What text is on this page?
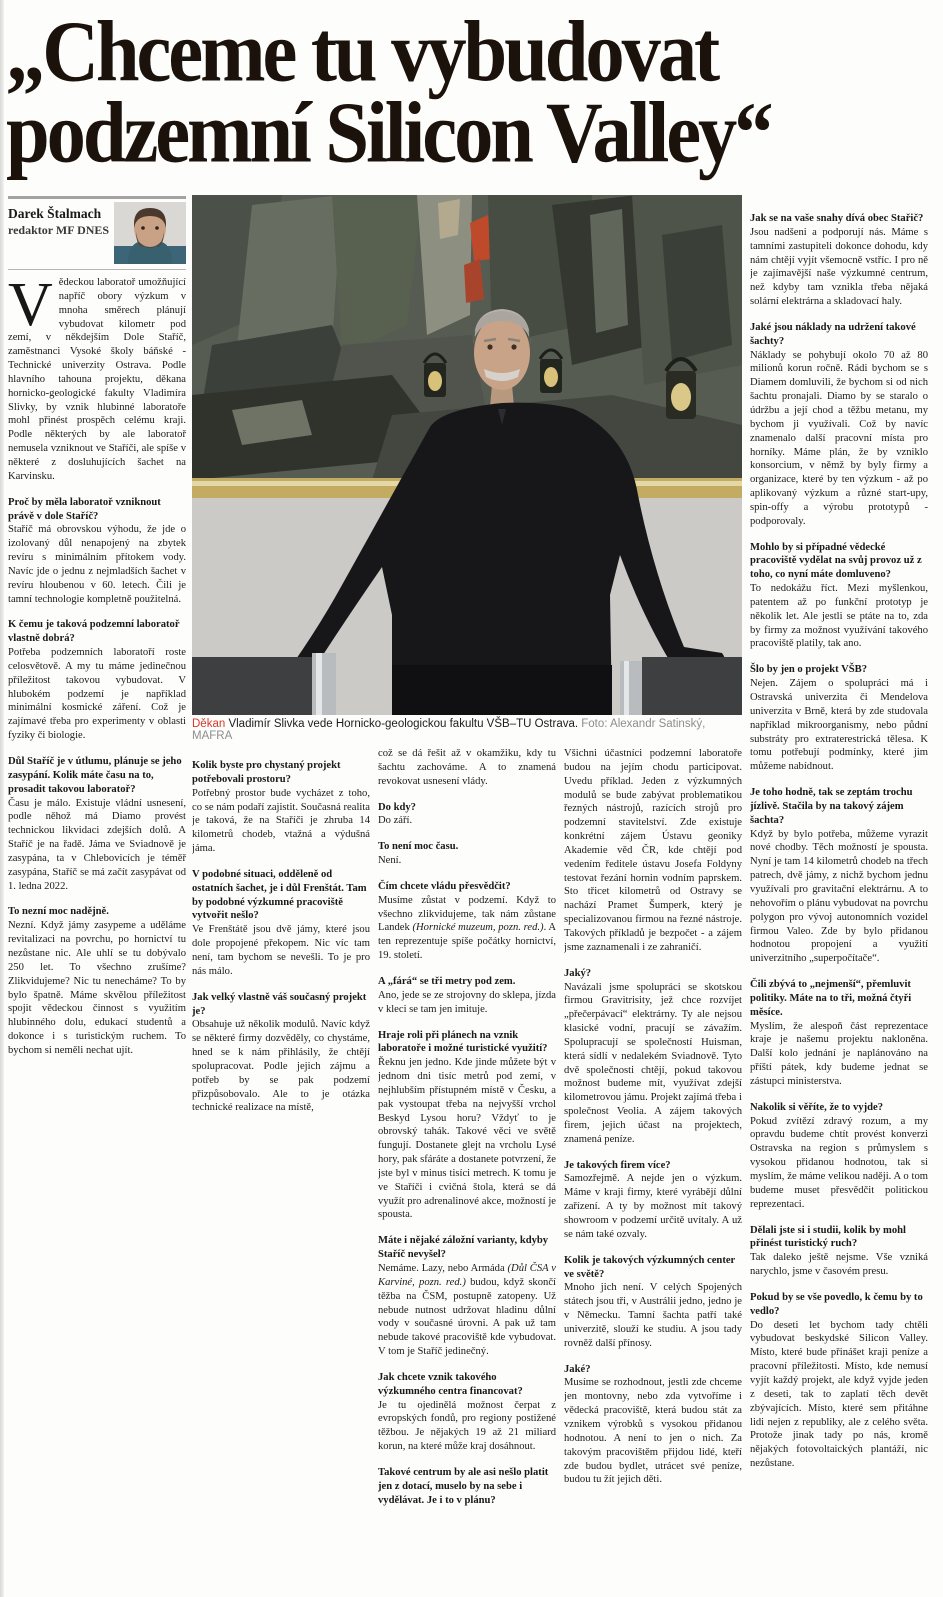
„Chceme tu vybudovat
podzemní Silicon Valley“
Darek Štalmach
redaktor MF DNES
Děkan Vladimír Slivka vede Hornicko-geologickou fakultu VŠB–TU Ostrava. Foto: Alexandr Satinský, MAFRA

Vědeckou laboratoř umožňující napříč obory výzkum v mnoha směrech plánují vybudovat kilometr pod zemí, v někdejším Dole Staříč, zaměstnanci Vysoké školy báňské - Technické univerzity Ostrava. Podle hlavního tahouna projektu, děkana hornicko-geologické fakulty Vladimíra Slivky, by vznik hlubinné laboratoře mohl přinést prospěch celému kraji. Podle některých by ale laboratoř nemusela vzniknout ve Staříči, ale spíše v některé z dosluhujících šachet na Karvinsku.

Proč by měla laboratoř vzniknout právě v dole Staříč?

Staříč má obrovskou výhodu, že jde o izolovaný důl nenapojený na zbytek revíru s minimálním přítokem vody. Navíc jde o jednu z nejmladších šachet v revíru hloubenou v 60. letech. Čili je tamní technologie kompletně použitelná.

K čemu je taková podzemní laboratoř vlastně dobrá?

Potřeba podzemních laboratoří roste celosvětově. A my tu máme jedinečnou příležitost takovou vybudovat. V hlubokém podzemí je například minimální kosmické záření. Což je zajímavé třeba pro experimenty v oblasti fyziky či biologie.

Důl Staříč je v útlumu, plánuje se jeho zasypání. Kolik máte času na to, prosadit takovou laboratoř?

Času je málo. Existuje vládní usnesení, podle něhož má Diamo provést technickou likvidaci zdejších dolů. A Staříč je na řadě. Jáma ve Sviadnově je zasypána, ta v Chlebovicích je téměř zasypána, Staříč se má začít zasypávat od 1. ledna 2022.

To nezní moc nadějně.

Nezní. Když jámy zasypeme a uděláme revitalizaci na povrchu, po hornictví tu nezůstane nic. Ale uhlí se tu dobývalo 250 let. To všechno zrušíme? Zlikvidujeme? Nic tu nenecháme? To by bylo špatně. Máme skvělou příležitost spojit vědeckou činnost s využitím hlubinného dolu, edukací studentů a dokonce i s turistickým ruchem. To bychom si neměli nechat ujít.

Kolik byste pro chystaný projekt potřebovali prostoru?

Potřebný prostor bude vycházet z toho, co se nám podaří zajistit. Současná realita je taková, že na Staříči je zhruba 14 kilometrů chodeb, vtažná a výdušná jáma.

V podobné situaci, odděleně od ostatních šachet, je i důl Frenštát. Tam by podobné výzkumné pracoviště vytvořit nešlo?

Ve Frenštátě jsou dvě jámy, které jsou dole propojené překopem. Nic víc tam není, tam bychom se nevešli. To je pro nás málo.

Jak velký vlastně váš současný projekt je?

Obsahuje už několik modulů. Navíc když se některé firmy dozvěděly, co chystáme, hned se k nám přihlásily, že chtějí spolupracovat. Podle jejich zájmu a potřeb by se pak podzemí přizpůsobovalo. Ale to je otázka technické realizace na místě,

což se dá řešit až v okamžiku, kdy tu šachtu zachováme. A to znamená revokovat usnesení vlády.

Do kdy?

Do září.

To není moc času.

Není.

Čím chcete vládu přesvědčit?

Musíme zůstat v podzemí. Když to všechno zlikvidujeme, tak nám zůstane Landek (Hornické muzeum, pozn. red.). A ten reprezentuje spíše počátky hornictví, 19. století.

A „fárá“ se tři metry pod zem.

Ano, jede se ze strojovny do sklepa, jízda v kleci se tam jen imituje.

Hraje roli při plánech na vznik laboratoře i možné turistické využití?

Řeknu jen jedno. Kde jinde můžete být v jednom dni tisíc metrů pod zemí, v nejhlubším přístupném místě v Česku, a pak vystoupat třeba na nejvyšší vrchol Beskyd Lysou horu? Vždyť to je obrovský tahák. Takové věci ve světě fungují. Dostanete glejt na vrcholu Lysé hory, pak sfáráte a dostanete potvrzení, že jste byl v minus tisíci metrech. K tomu je ve Staříči i cvičná štola, která se dá využít pro adrenalinové akce, možností je spousta.

Máte i nějaké záložní varianty, kdyby Staříč nevyšel?

Nemáme. Lazy, nebo Armáda (Důl ČSA v Karviné, pozn. red.) budou, když skončí těžba na ČSM, postupně zatopeny. Už nebude nutnost udržovat hladinu důlní vody v současné úrovni. A pak už tam nebude takové pracoviště kde vybudovat. V tom je Staříč jedinečný.

Jak chcete vznik takového výzkumného centra financovat?

Je tu ojedinělá možnost čerpat z evropských fondů, pro regiony postižené těžbou. Je nějakých 19 až 21 miliard korun, na které může kraj dosáhnout.

Takové centrum by ale asi nešlo platit jen z dotací, muselo by na sebe i vydělávat. Je i to v plánu?

Všichni účastníci podzemní laboratoře budou na jejím chodu participovat. Uvedu příklad. Jeden z výzkumných modulů se bude zabývat problematikou řezných nástrojů, razících strojů pro podzemní stavitelství. Zde existuje konkrétní zájem Ústavu geoniky Akademie věd ČR, kde chtějí pod vedením ředitele ústavu Josefa Foldyny testovat řezání hornin vodním paprskem. Sto třicet kilometrů od Ostravy se nachází Pramet Šumperk, který je specializovanou firmou na řezné nástroje. Takových příkladů je bezpočet - a zájem jsme zaznamenali i ze zahraničí.

Jaký?

Navázali jsme spolupráci se skotskou firmou Gravitrisity, jež chce rozvíjet „přečerpávací“ elektrárny. Ty ale nejsou klasické vodní, pracují se závažím. Spolupracují se společností Huisman, která sídlí v nedalekém Sviadnově. Tyto dvě společnosti chtějí, pokud takovou možnost budeme mít, využívat zdejší kilometrovou jámu. Projekt zajímá třeba i společnost Veolia. A zájem takových firem, jejich účast na projektech, znamená peníze.

Je takových firem více?

Samozřejmě. A nejde jen o výzkum. Máme v kraji firmy, které vyrábějí důlní zařízení. A ty by možnost mít takový showroom v podzemí určitě uvítaly. A už se nám také ozvaly.

Kolik je takových výzkumných center ve světě?

Mnoho jich není. V celých Spojených státech jsou tři, v Austrálii jedno, jedno je v Německu. Tamní šachta patří také univerzitě, slouží ke studiu. A jsou tady rovněž další přínosy.

Jaké?

Musíme se rozhodnout, jestli zde chceme jen montovny, nebo zda vytvoříme i vědecká pracoviště, která budou stát za vznikem výrobků s vysokou přidanou hodnotou. A není to jen o nich. Za takovým pracovištěm přijdou lidé, kteří zde budou bydlet, utrácet své peníze, budou tu žít jejich děti.

Jak se na vaše snahy dívá obec Stařič?

Jsou nadšeni a podporují nás. Máme s tamními zastupiteli dokonce dohodu, kdy nám chtějí vyjít všemocně vstříc. I pro ně je zajímavější naše výzkumné centrum, než kdyby tam vznikla třeba nějaká solární elektrárna a skladovací haly.

Jaké jsou náklady na udržení takové šachty?

Náklady se pohybují okolo 70 až 80 milionů korun ročně. Rádi bychom se s Diamem domluvili, že bychom si od nich šachtu pronajali. Diamo by se staralo o údržbu a její chod a těžbu metanu, my bychom ji využívali. Což by navíc znamenalo další pracovní místa pro horníky. Máme plán, že by vzniklo konsorcium, v němž by byly firmy a organizace, které by ten výzkum - až po aplikovaný výzkum a různé start-upy, spin-offy a výrobu prototypů - podporovaly.

Mohlo by si případné vědecké pracoviště vydělat na svůj provoz už z toho, co nyní máte domluveno?

To nedokážu říct. Mezi myšlenkou, patentem až po funkční prototyp je několik let. Ale jestli se ptáte na to, zda by firmy za možnost využívání takového pracoviště platily, tak ano.

Šlo by jen o projekt VŠB?

Nejen. Zájem o spolupráci má i Ostravská univerzita či Mendelova univerzita v Brně, která by zde studovala například mikroorganismy, nebo půdní substráty pro extraterestrická tělesa. K tomu potřebují podmínky, které jim můžeme nabídnout.

Je toho hodně, tak se zeptám trochu jízlivě. Stačila by na takový zájem šachta?

Když by bylo potřeba, můžeme vyrazit nové chodby. Těch možností je spousta. Nyní je tam 14 kilometrů chodeb na třech patrech, dvě jámy, z nichž bychom jednu využívali pro gravitační elektrárnu. A to nehovořím o plánu vybudovat na povrchu polygon pro vývoj autonomních vozidel firmou Valeo. Zde by bylo přidanou hodnotou propojení a využití univerzitního „superpočítače“.

Čili zbývá to „nejmenší“, přemluvit politiky. Máte na to tři, možná čtyři měsíce.

Myslím, že alespoň část reprezentace kraje je našemu projektu nakloněna. Další kolo jednání je naplánováno na příští pátek, kdy budeme jednat se zástupci ministerstva.

Nakolik si věříte, že to vyjde?

Pokud zvítězí zdravý rozum, a my opravdu budeme chtít provést konverzi Ostravska na region s průmyslem s vysokou přidanou hodnotou, tak si myslím, že máme velikou naději. A o tom budeme muset přesvědčit politickou reprezentaci.

Dělali jste si i studii, kolik by mohl přinést turistický ruch?

Tak daleko ještě nejsme. Vše vzniká narychlo, jsme v časovém presu.

Pokud by se vše povedlo, k čemu by to vedlo?

Do deseti let bychom tady chtěli vybudovat beskydské Silicon Valley. Místo, které bude přinášet kraji peníze a pracovní příležitosti. Místo, kde nemusí vyjít každý projekt, ale když vyjde jeden z deseti, tak to zaplatí těch devět zbývajících. Místo, které sem přitáhne lidi nejen z republiky, ale z celého světa. Protože jinak tady po nás, kromě nějakých fotovoltaických plantáží, nic nezůstane.
